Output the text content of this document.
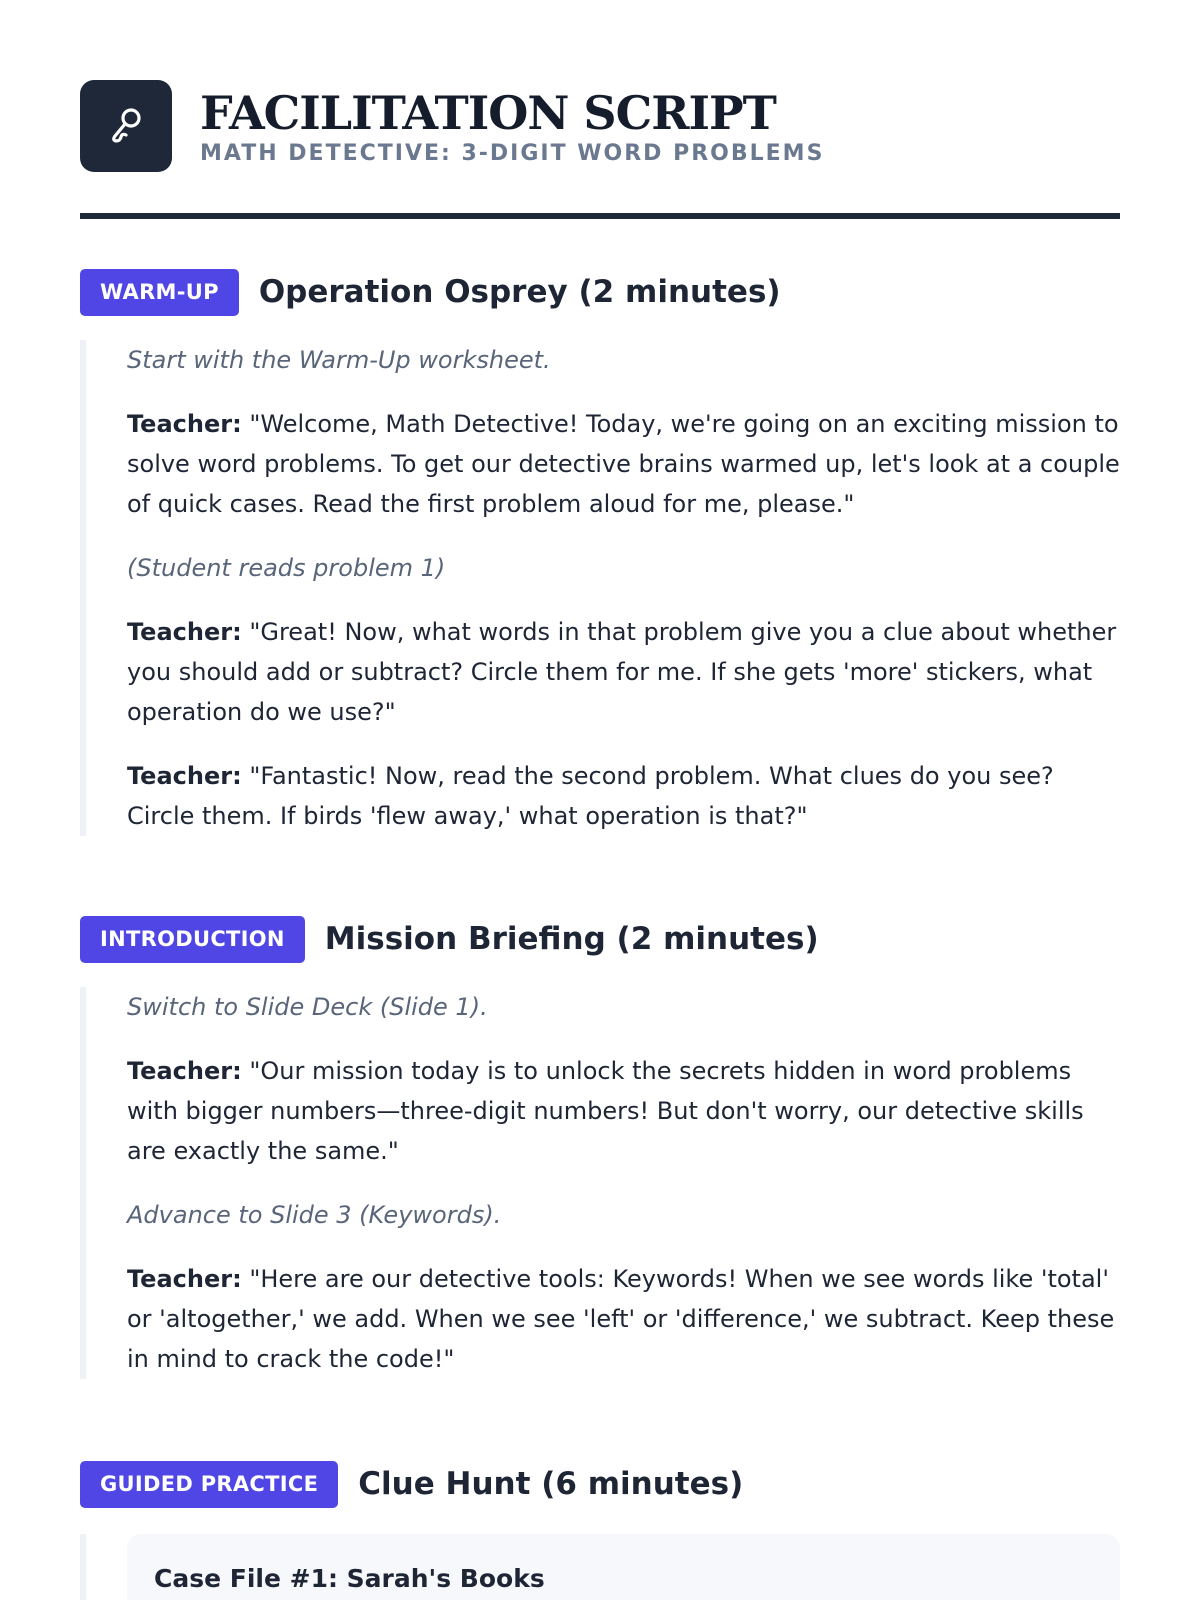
FACILITATION SCRIPT
MATH DETECTIVE: 3-DIGIT WORD PROBLEMS
WARM-UP	Operation Osprey (2 minutes)

Start with the Warm-Up worksheet.

Teacher: "Welcome, Math Detective! Today, we're going on an exciting mission to solve word problems. To get our detective brains warmed up, let's look at a couple of quick cases. Read the first problem aloud for me, please."

(Student reads problem 1)

Teacher: "Great! Now, what words in that problem give you a clue about whether you should add or subtract? Circle them for me. If she gets 'more' stickers, what operation do we use?"

Teacher: "Fantastic! Now, read the second problem. What clues do you see? Circle them. If birds 'flew away,' what operation is that?"

INTRODUCTION	Mission Briefing (2 minutes)

Switch to Slide Deck (Slide 1).

Teacher: "Our mission today is to unlock the secrets hidden in word problems with bigger numbers—three-digit numbers! But don't worry, our detective skills are exactly the same."

Advance to Slide 3 (Keywords).

Teacher: "Here are our detective tools: Keywords! When we see words like 'total' or 'altogether,' we add. When we see 'left' or 'difference,' we subtract. Keep these in mind to crack the code!"

GUIDED PRACTICE	Clue Hunt (6 minutes)
Case File #1: Sarah's Books
